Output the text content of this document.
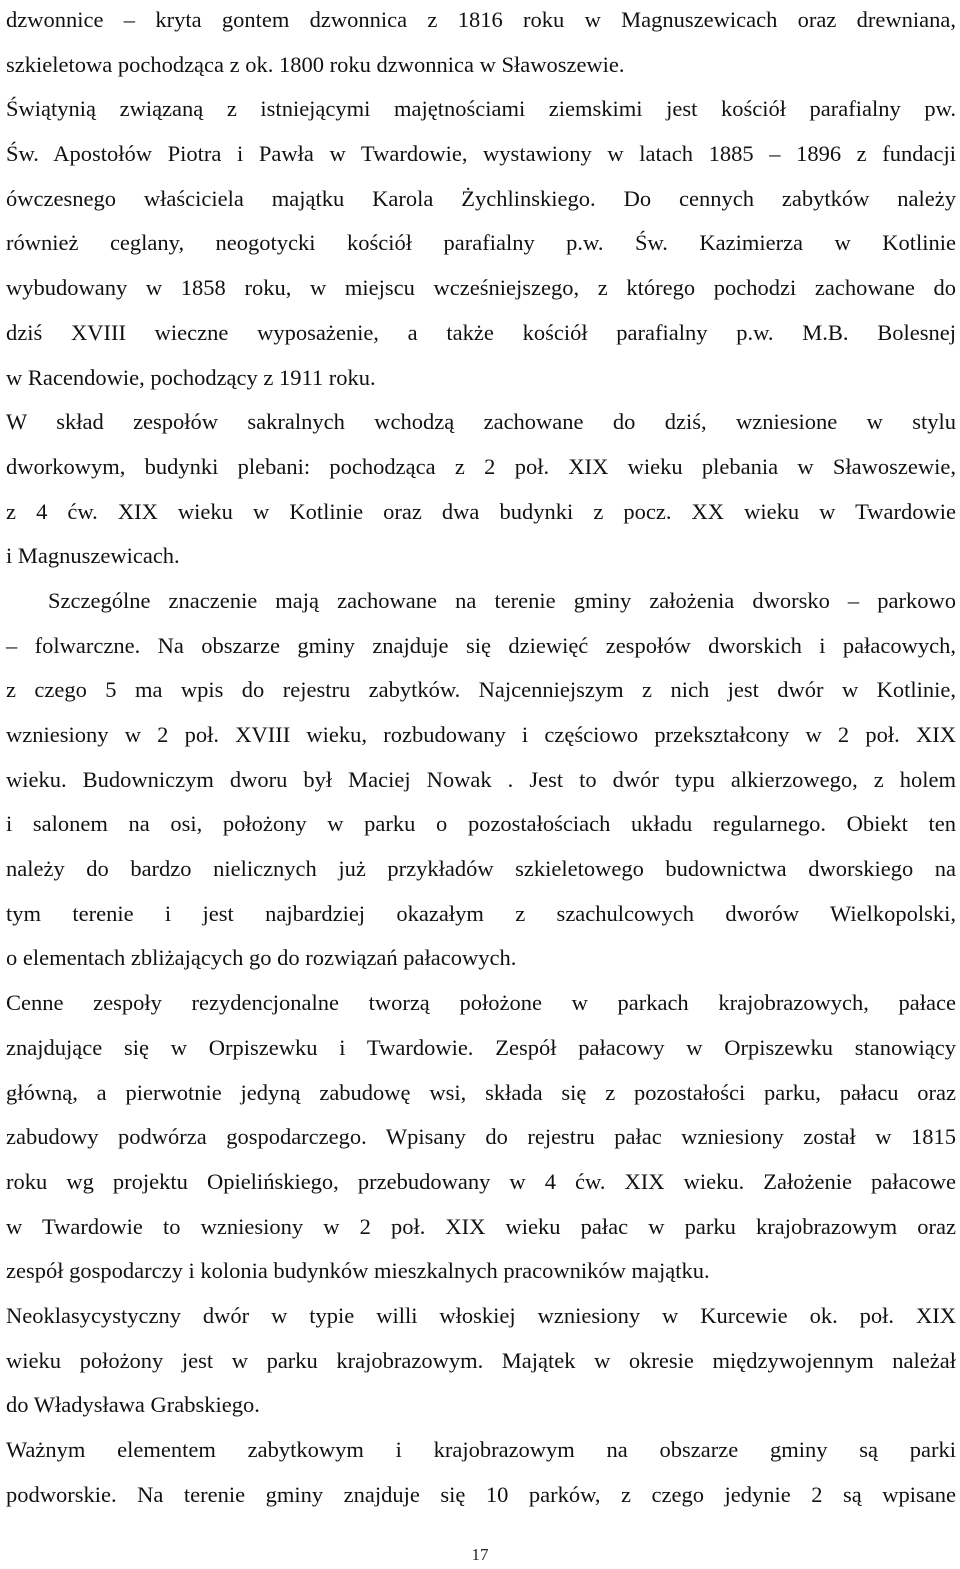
dzwonnice – kryta gontem dzwonnica z 1816 roku w Magnuszewicach oraz drewniana,
szkieletowa pochodząca z ok. 1800 roku dzwonnica w Sławoszewie.
Świątynią związaną z istniejącymi majętnościami ziemskimi jest kościół parafialny pw.
Św. Apostołów Piotra i Pawła w Twardowie, wystawiony w latach 1885 – 1896 z fundacji
ówczesnego właściciela majątku Karola Żychlinskiego. Do cennych zabytków należy
również ceglany, neogotycki kościół parafialny p.w. Św. Kazimierza w Kotlinie
wybudowany w 1858 roku, w miejscu wcześniejszego, z którego pochodzi zachowane do
dziś XVIII wieczne wyposażenie, a także kościół parafialny p.w. M.B. Bolesnej
w Racendowie, pochodzący z 1911 roku.
W skład zespołów sakralnych wchodzą zachowane do dziś, wzniesione w stylu
dworkowym, budynki plebani: pochodząca z 2 poł. XIX wieku plebania w Sławoszewie,
z 4 ćw. XIX wieku w Kotlinie oraz dwa budynki z pocz. XX wieku w Twardowie
i Magnuszewicach.
Szczególne znaczenie mają zachowane na terenie gminy założenia dworsko – parkowo
– folwarczne. Na obszarze gminy znajduje się dziewięć zespołów dworskich i pałacowych,
z czego 5 ma wpis do rejestru zabytków. Najcenniejszym z nich jest dwór w Kotlinie,
wzniesiony w 2 poł. XVIII wieku, rozbudowany i częściowo przekształcony w 2 poł. XIX
wieku. Budowniczym dworu był Maciej Nowak . Jest to dwór typu alkierzowego, z holem
i salonem na osi, położony w parku o pozostałościach układu regularnego. Obiekt ten
należy do bardzo nielicznych już przykładów szkieletowego budownictwa dworskiego na
tym terenie i jest najbardziej okazałym z szachulcowych dworów Wielkopolski,
o elementach zbliżających go do rozwiązań pałacowych.
Cenne zespoły rezydencjonalne tworzą położone w parkach krajobrazowych, pałace
znajdujące się w Orpiszewku i Twardowie. Zespół pałacowy w Orpiszewku stanowiący
główną, a pierwotnie jedyną zabudowę wsi, składa się z pozostałości parku, pałacu oraz
zabudowy podwórza gospodarczego. Wpisany do rejestru pałac wzniesiony został w 1815
roku wg projektu Opielińskiego, przebudowany w 4 ćw. XIX wieku. Założenie pałacowe
w Twardowie to wzniesiony w 2 poł. XIX wieku pałac w parku krajobrazowym oraz
zespół gospodarczy i kolonia budynków mieszkalnych pracowników majątku.
Neoklasycystyczny dwór w typie willi włoskiej wzniesiony w Kurcewie ok. poł. XIX
wieku położony jest w parku krajobrazowym. Majątek w okresie międzywojennym należał
do Władysława Grabskiego.
Ważnym elementem zabytkowym i krajobrazowym na obszarze gminy są parki
podworskie. Na terenie gminy znajduje się 10 parków, z czego jedynie 2 są wpisane
17
